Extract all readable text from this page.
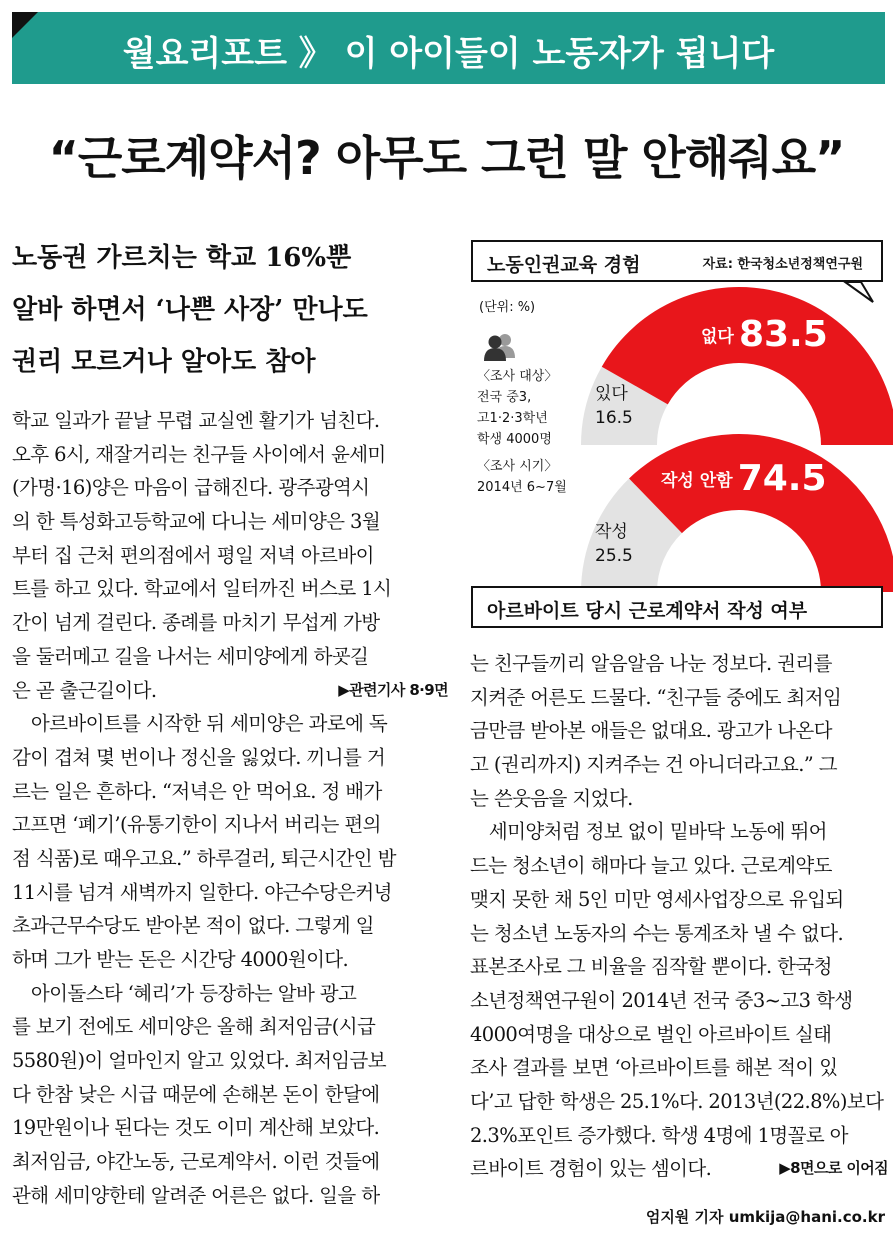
월요리포트 》 이 아이들이 노동자가 됩니다
“근로계약서? 아무도 그런 말 안해줘요”
노동권 가르치는 학교 16%뿐
알바 하면서 ‘나쁜 사장’ 만나도
권리 모르거나 알아도 참아
학교 일과가 끝날 무렵 교실엔 활기가 넘친다.
오후 6시, 재잘거리는 친구들 사이에서 윤세미
(가명·16)양은 마음이 급해진다. 광주광역시
의 한 특성화고등학교에 다니는 세미양은 3월
부터 집 근처 편의점에서 평일 저녁 아르바이
트를 하고 있다. 학교에서 일터까진 버스로 1시
간이 넘게 걸린다. 종례를 마치기 무섭게 가방
을 둘러메고 길을 나서는 세미양에게 하굣길
은 곧 출근길이다.	▶관련기사 8·9면
　아르바이트를 시작한 뒤 세미양은 과로에 독
감이 겹쳐 몇 번이나 정신을 잃었다. 끼니를 거
르는 일은 흔하다. “저녁은 안 먹어요. 정 배가
고프면 ‘폐기’(유통기한이 지나서 버리는 편의
점 식품)로 때우고요.” 하루걸러, 퇴근시간인 밤
11시를 넘겨 새벽까지 일한다. 야근수당은커녕
초과근무수당도 받아본 적이 없다. 그렇게 일
하며 그가 받는 돈은 시간당 4000원이다.
　아이돌스타 ‘혜리’가 등장하는 알바 광고
를 보기 전에도 세미양은 올해 최저임금(시급
5580원)이 얼마인지 알고 있었다. 최저임금보
다 한참 낮은 시급 때문에 손해본 돈이 한달에
19만원이나 된다는 것도 이미 계산해 보았다.
최저임금, 야간노동, 근로계약서. 이런 것들에
관해 세미양한테 알려준 어른은 없다. 일을 하
는 친구들끼리 알음알음 나눈 정보다. 권리를
지켜준 어른도 드물다. “친구들 중에도 최저임
금만큼 받아본 애들은 없대요. 광고가 나온다
고 (권리까지) 지켜주는 건 아니더라고요.” 그
는 쓴웃음을 지었다.
　세미양처럼 정보 없이 밑바닥 노동에 뛰어
드는 청소년이 해마다 늘고 있다. 근로계약도
맺지 못한 채 5인 미만 영세사업장으로 유입되
는 청소년 노동자의 수는 통계조차 낼 수 없다.
표본조사로 그 비율을 짐작할 뿐이다. 한국청
소년정책연구원이 2014년 전국 중3~고3 학생
4000여명을 대상으로 벌인 아르바이트 실태
조사 결과를 보면 ‘아르바이트를 해본 적이 있
다’고 답한 학생은 25.1%다. 2013년(22.8%)보다
2.3%포인트 증가했다. 학생 4명에 1명꼴로 아
르바이트 경험이 있는 셈이다.	▶8면으로 이어짐
노동인권교육 경험	자료: 한국청소년정책연구원
(단위: %)
〈조사 대상〉
전국 중3,
고1·2·3학년
학생 4000명
〈조사 시기〉
2014년 6~7월
없다 83.5
있다
16.5
작성 안함 74.5
작성
25.5
아르바이트 당시 근로계약서 작성 여부
엄지원 기자 umkija@hani.co.kr
